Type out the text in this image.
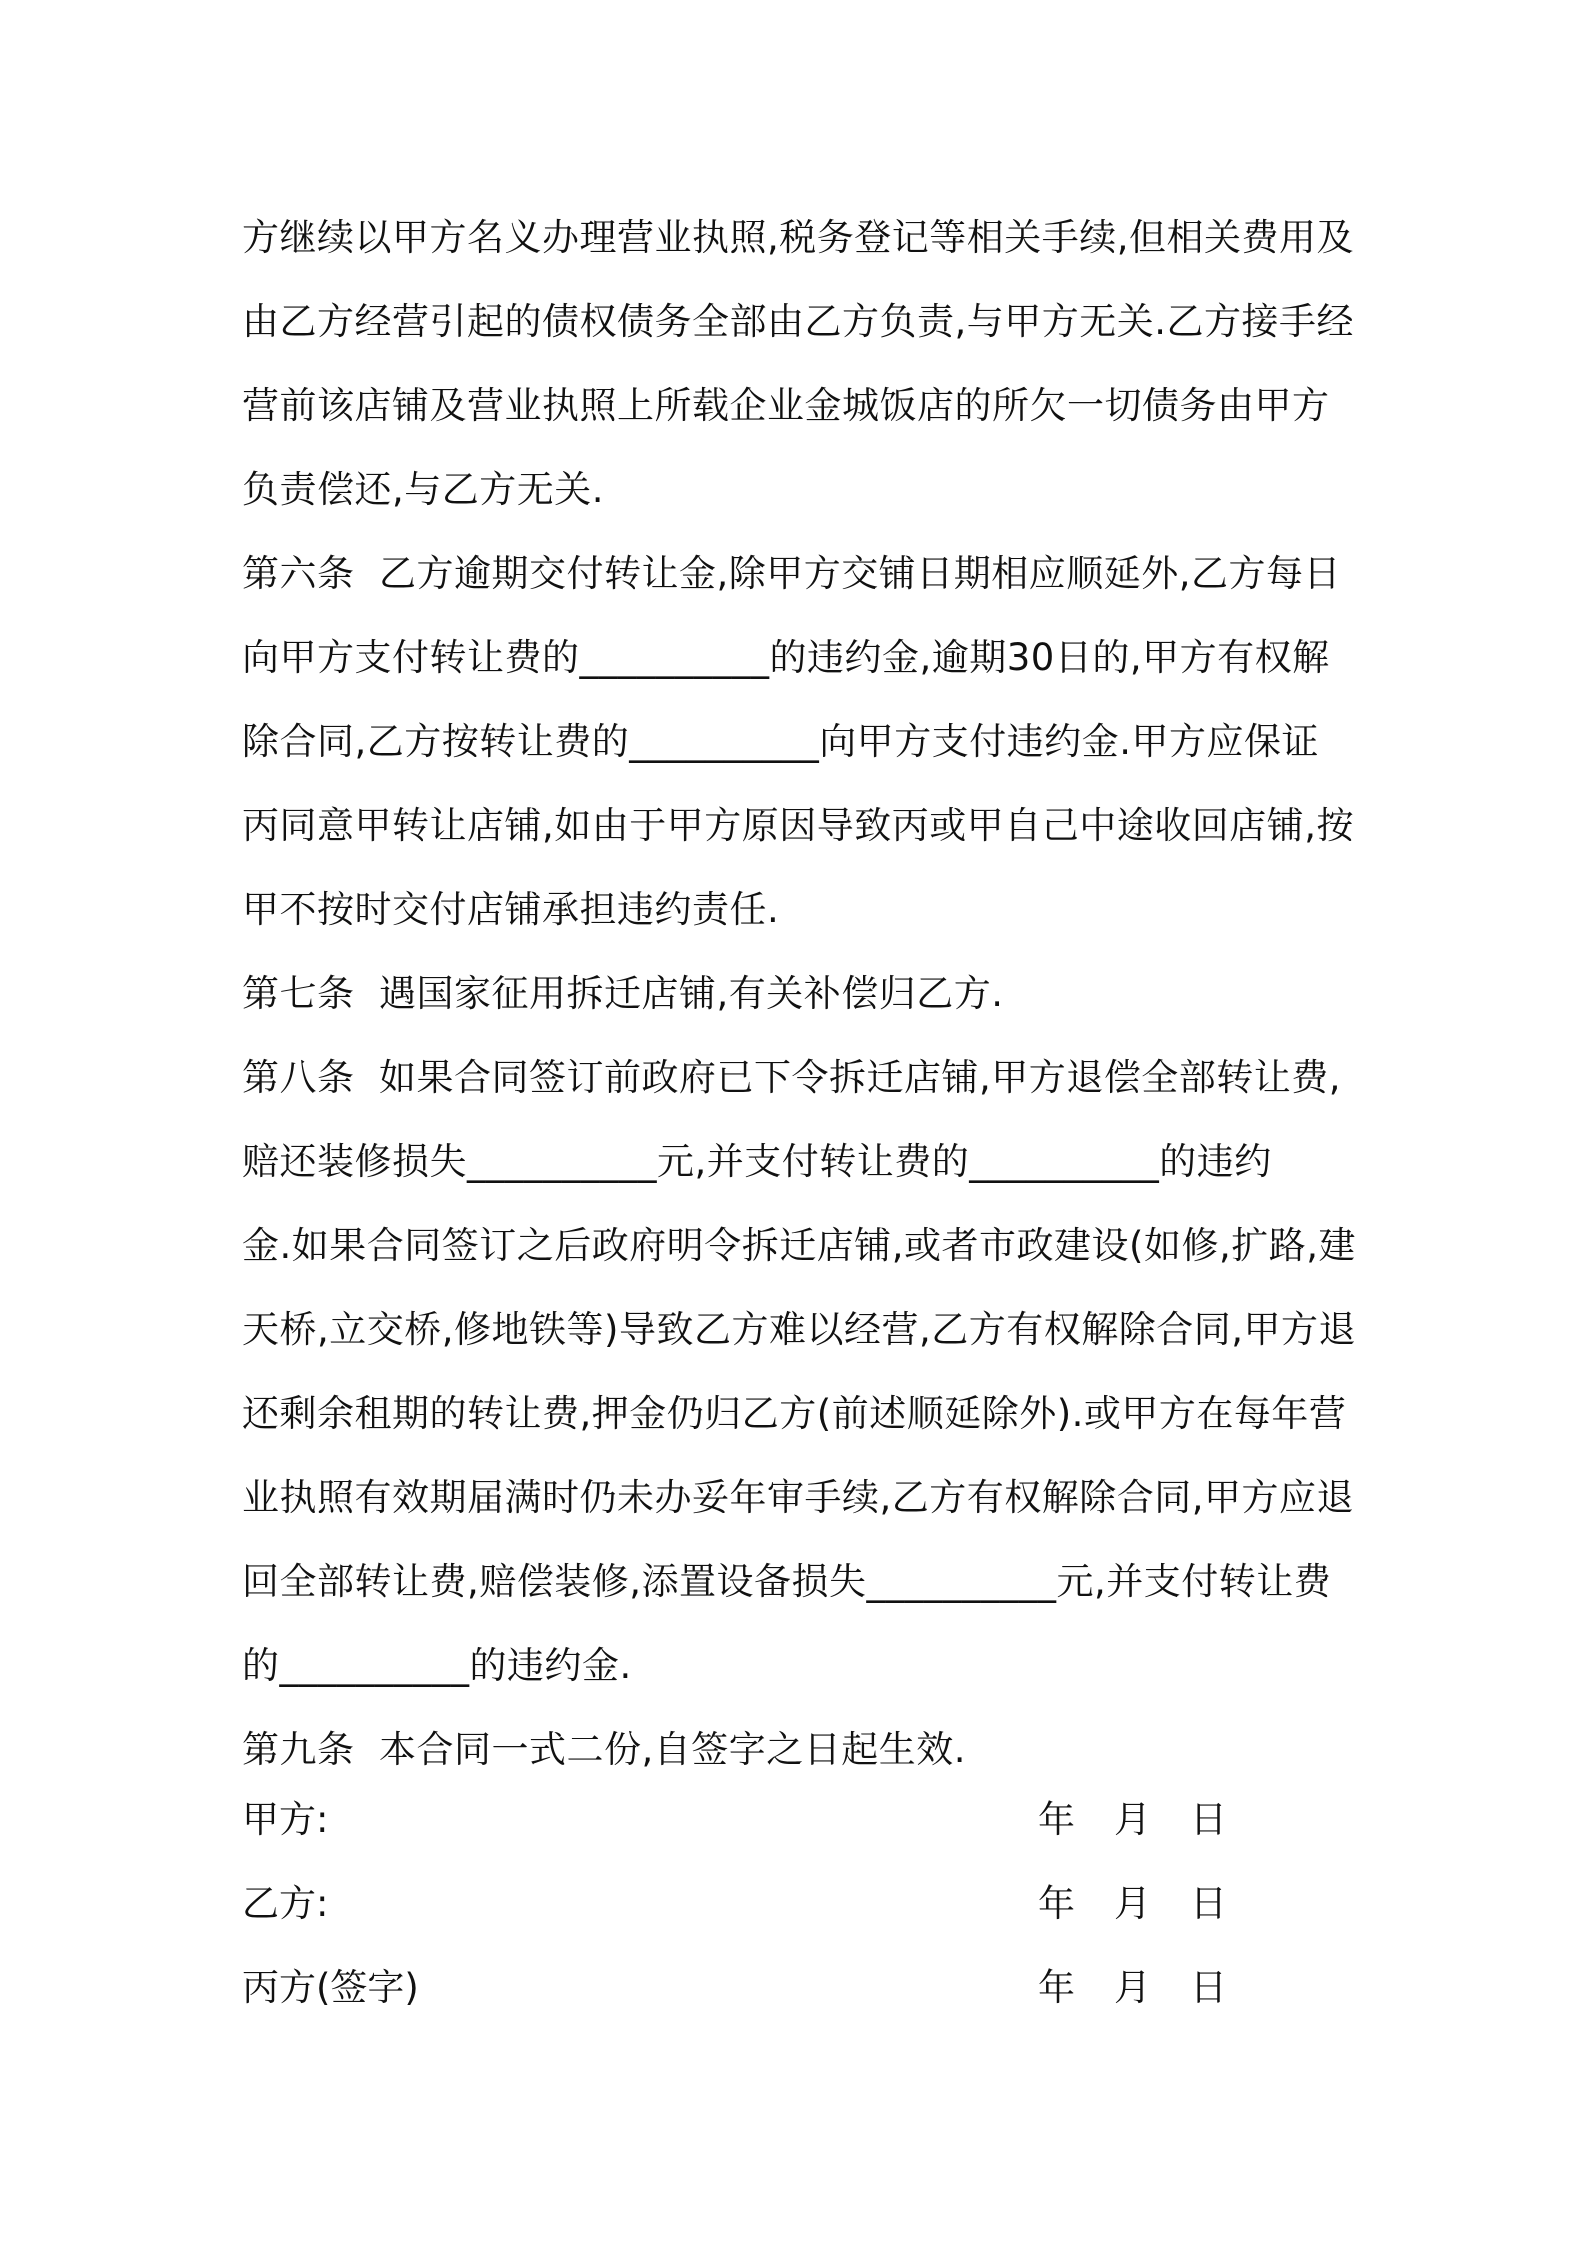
方继续以甲方名义办理营业执照,税务登记等相关手续,但相关费用及
由乙方经营引起的债权债务全部由乙方负责,与甲方无关.乙方接手经
营前该店铺及营业执照上所载企业金城饭店的所欠一切债务由甲方
负责偿还,与乙方无关.
第六条  乙方逾期交付转让金,除甲方交铺日期相应顺延外,乙方每日
向甲方支付转让费的__________的违约金,逾期30日的,甲方有权解
除合同,乙方按转让费的__________向甲方支付违约金.甲方应保证
丙同意甲转让店铺,如由于甲方原因导致丙或甲自己中途收回店铺,按
甲不按时交付店铺承担违约责任.
第七条  遇国家征用拆迁店铺,有关补偿归乙方.
第八条  如果合同签订前政府已下令拆迁店铺,甲方退偿全部转让费,
赔还装修损失__________元,并支付转让费的__________的违约
金.如果合同签订之后政府明令拆迁店铺,或者市政建设(如修,扩路,建
天桥,立交桥,修地铁等)导致乙方难以经营,乙方有权解除合同,甲方退
还剩余租期的转让费,押金仍归乙方(前述顺延除外).或甲方在每年营
业执照有效期届满时仍未办妥年审手续,乙方有权解除合同,甲方应退
回全部转让费,赔偿装修,添置设备损失__________元,并支付转让费
的__________的违约金.
第九条  本合同一式二份,自签字之日起生效.
甲方:	年 月 日
乙方:	年 月 日
丙方(签字)	年 月 日
